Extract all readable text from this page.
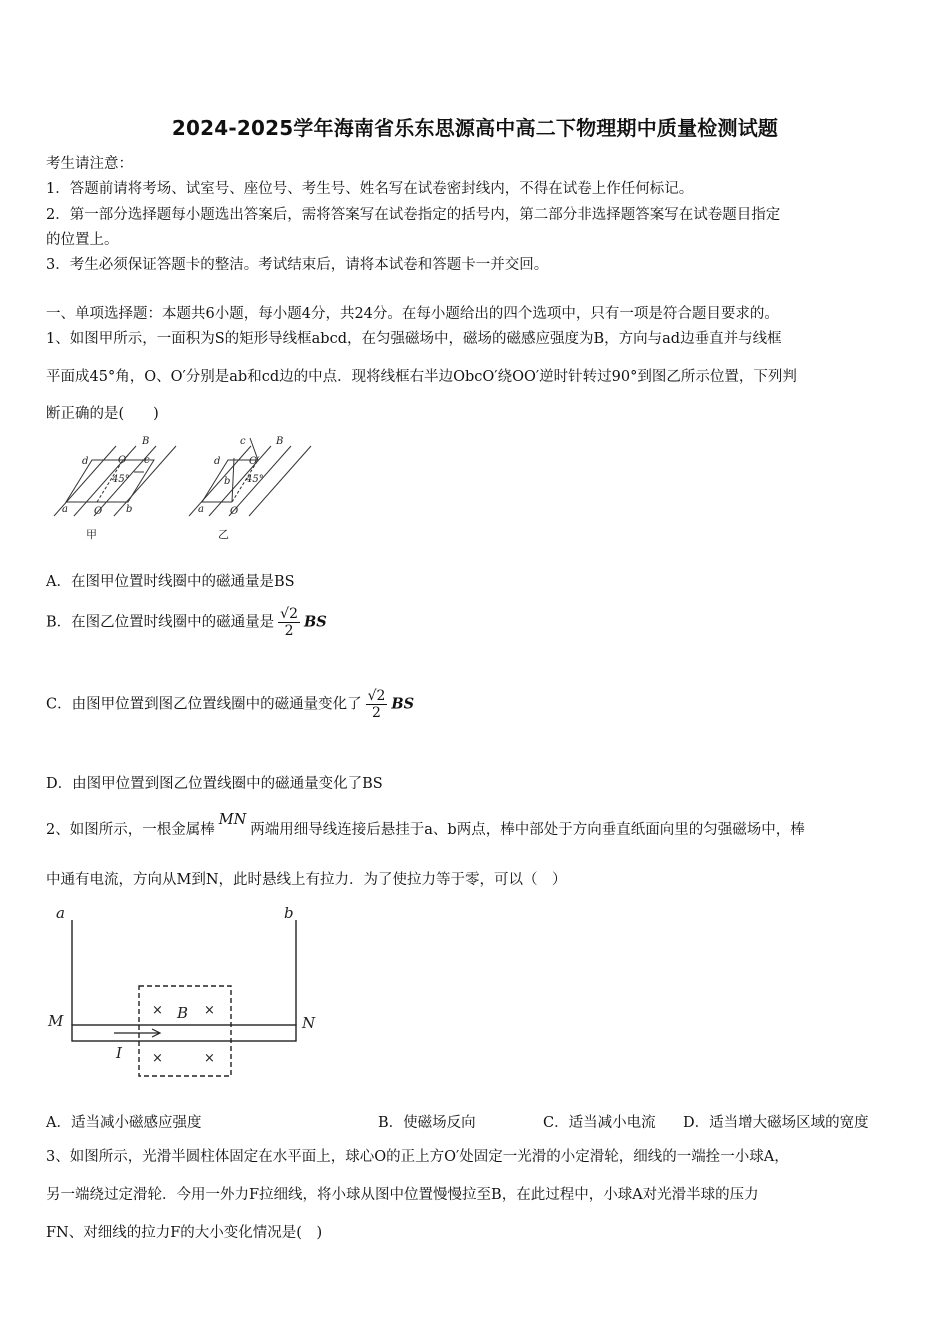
2024-2025学年海南省乐东思源高中高二下物理期中质量检测试题
考生请注意：
1．答题前请将考场、试室号、座位号、考生号、姓名写在试卷密封线内，不得在试卷上作任何标记。
2．第一部分选择题每小题选出答案后，需将答案写在试卷指定的括号内，第二部分非选择题答案写在试卷题目指定
的位置上。
3．考生必须保证答题卡的整洁。考试结束后，请将本试卷和答题卡一并交回。
一、单项选择题：本题共6小题，每小题4分，共24分。在每小题给出的四个选项中，只有一项是符合题目要求的。
1、如图甲所示，一面积为S的矩形导线框abcd，在匀强磁场中，磁场的磁感应强度为B，方向与ad边垂直并与线框
平面成45°角，O、O′分别是ab和cd边的中点．现将线框右半边ObcO′绕OO′逆时针转过90°到图乙所示位置，下列判
断正确的是(　　)
B
d	O′ c
45°
a	O b
B
c
d	O′
b 45°
a	O
甲	乙
A．在图甲位置时线圈中的磁通量是BS
B．在图乙位置时线圈中的磁通量是 $\frac{√2}{2}$ BS
C．由图甲位置到图乙位置线圈中的磁通量变化了 $\frac{√2}{2}$ BS
D．由图甲位置到图乙位置线圈中的磁通量变化了BS
2、如图所示，一根金属棒MN两端用细导线连接后悬挂于a、b两点，棒中部处于方向垂直纸面向里的匀强磁场中，棒
中通有电流，方向从M到N，此时悬线上有拉力．为了使拉力等于零，可以（　）
a	b
M	N
B
I
×	×
×	×
A．适当减小磁感应强度	B．使磁场反向	C．适当减小电流 D．适当增大磁场区域的宽度
3、如图所示，光滑半圆柱体固定在水平面上，球心O的正上方O′处固定一光滑的小定滑轮，细线的一端拴一小球A，
另一端绕过定滑轮．今用一外力F拉细线，将小球从图中位置慢慢拉至B，在此过程中，小球A对光滑半球的压力
FN、对细线的拉力F的大小变化情况是(　)
